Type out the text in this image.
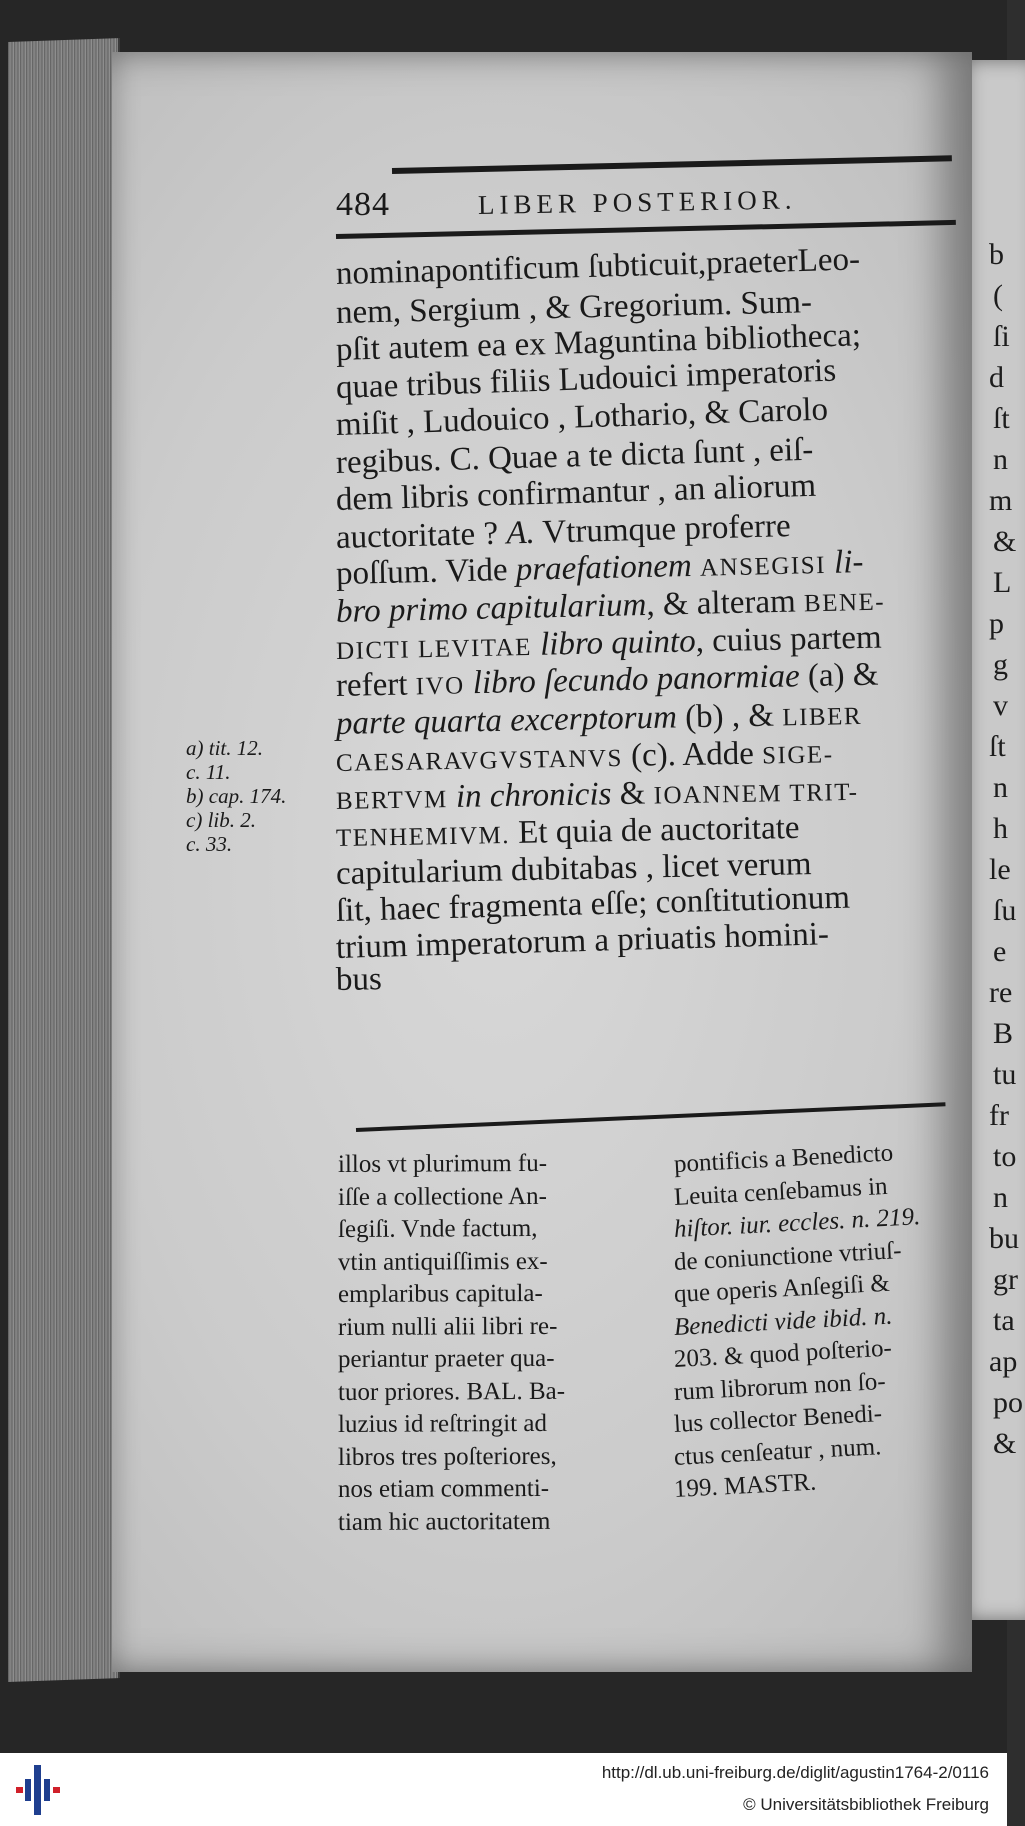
b
(
ſi
d
ſt
n
m
&
L
p
g
v
ſt
n
h
le
ſu
e
re
B
tu
fr
to
n
bu
gr
ta
ap
po
&
484	LIBER POSTERIOR.
nominapontificum ſubticuit,praeterLeo-
nem, Sergium , & Gregorium. Sum-
pſit autem ea ex Maguntina bibliotheca;
quae tribus filiis Ludouici imperatoris
miſit , Ludouico , Lothario, & Carolo
regibus. C. Quae a te dicta ſunt , eiſ-
dem libris confirmantur , an aliorum
auctoritate ? A. Vtrumque proferre
poſſum. Vide praefationem ANSEGISI li-
bro primo capitularium, & alteram BENE-
DICTI LEVITAE libro quinto, cuius partem
refert IVO libro ſecundo panormiae (a) &
parte quarta excerptorum (b) , & LIBER
CAESARAVGVSTANVS (c). Adde SIGE-
BERTVM in chronicis & IOANNEM TRIT-
TENHEMIVM. Et quia de auctoritate
capitularium dubitabas , licet verum
ſit, haec fragmenta eſſe; conſtitutionum
trium imperatorum a priuatis homini-
bus
a) tit. 12.
c. 11.
b) cap. 174.
c) lib. 2.
c. 33.
illos vt plurimum fu-
iſſe a collectione An-
ſegiſi. Vnde factum,
vtin antiquiſſimis ex-
emplaribus capitula-
rium nulli alii libri re-
periantur praeter qua-
tuor priores. BAL. Ba-
luzius id reſtringit ad
libros tres poſteriores,
nos etiam commenti-
tiam hic auctoritatem
pontificis a Benedicto
Leuita cenſebamus in
hiſtor. iur. eccles. n. 219.
de coniunctione vtriuſ-
que operis Anſegiſi &
Benedicti vide ibid. n.
203. & quod poſterio-
rum librorum non ſo-
lus collector Benedi-
ctus cenſeatur , num.
199. MASTR.
http://dl.ub.uni-freiburg.de/diglit/agustin1764-2/0116
© Universitätsbibliothek Freiburg
